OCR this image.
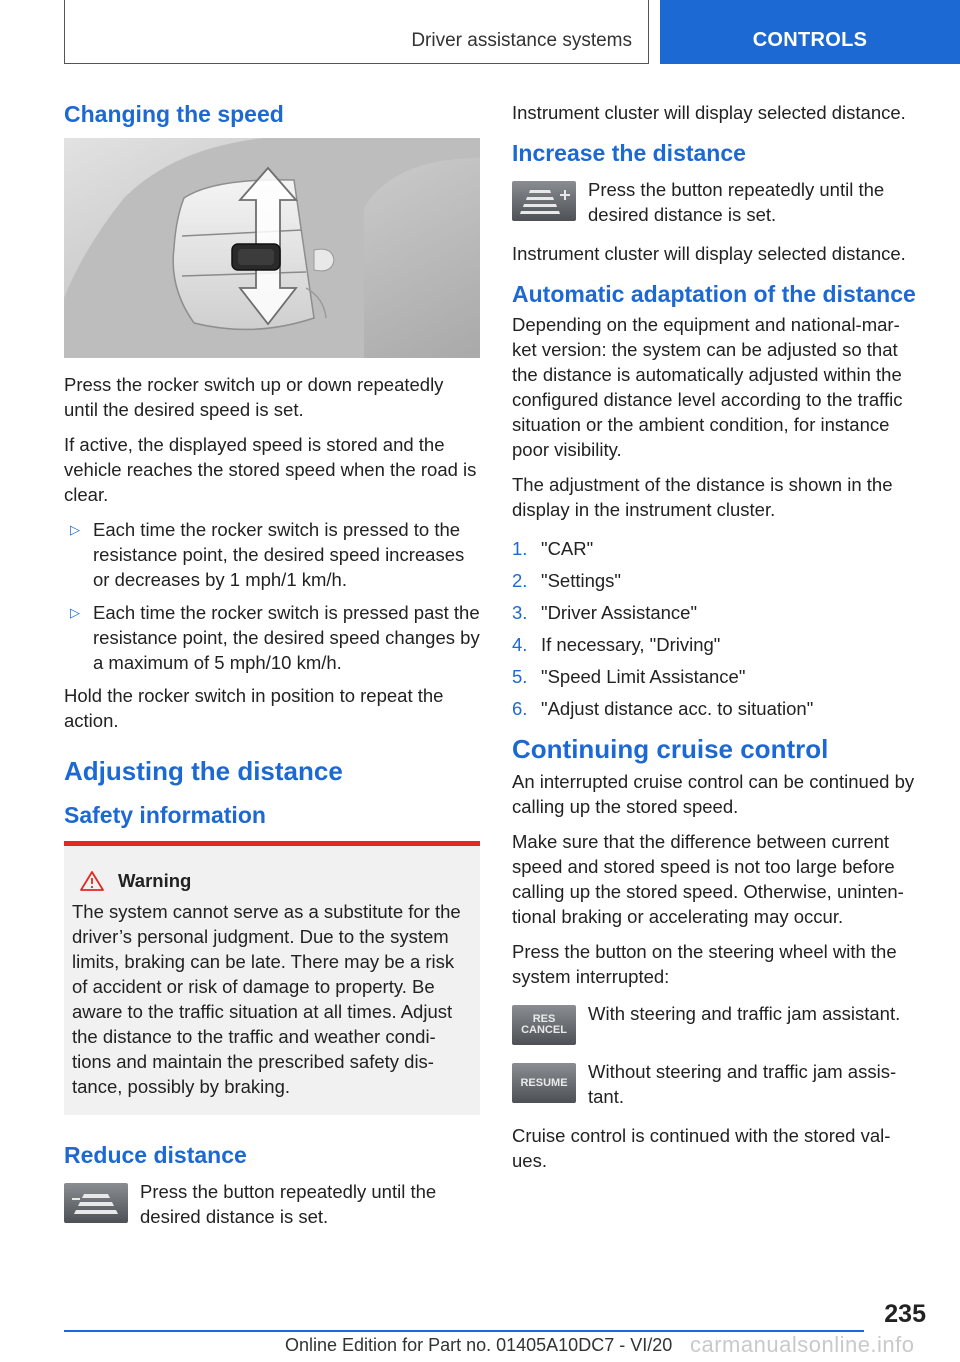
Driver assistance systems	CONTROLS
Changing the speed

Press the rocker switch up or down repeatedly until the desired speed is set.

If active, the displayed speed is stored and the vehicle reaches the stored speed when the road is clear.

▷ Each time the rocker switch is pressed to the resistance point, the desired speed increases or decreases by 1 mph/1 km/h.
▷ Each time the rocker switch is pressed past the resistance point, the desired speed changes by a maximum of 5 mph/10 km/h.

Hold the rocker switch in position to repeat the action.

Adjusting the distance
Safety information
Warning

The system cannot serve as a substitute for the driver’s personal judgment. Due to the system limits, braking can be late. There may be a risk of accident or risk of damage to property. Be aware to the traffic situation at all times. Adjust the distance to the traffic and weather condi-tions and maintain the prescribed safety dis-tance, possibly by braking.

Reduce distance
Press the button repeatedly until the desired distance is set.

Instrument cluster will display selected distance.

Increase the distance
Press the button repeatedly until the desired distance is set.

Instrument cluster will display selected distance.

Automatic adaptation of the distance

Depending on the equipment and national-mar-ket version: the system can be adjusted so that the distance is automatically adjusted within the configured distance level according to the traffic situation or the ambient condition, for instance poor visibility.

The adjustment of the distance is shown in the display in the instrument cluster.

1. "CAR"
2. "Settings"
3. "Driver Assistance"
4. If necessary, "Driving"
5. "Speed Limit Assistance"
6. "Adjust distance acc. to situation"
Continuing cruise control

An interrupted cruise control can be continued by calling up the stored speed.

Make sure that the difference between current speed and stored speed is not too large before calling up the stored speed. Otherwise, uninten-tional braking or accelerating may occur.

Press the button on the steering wheel with the system interrupted:

RES
CANCEL
With steering and traffic jam assistant.
RESUME
Without steering and traffic jam assis-tant.

Cruise control is continued with the stored val-ues.

235
Online Edition for Part no. 01405A10DC7 - VI/20 carmanualsonline.info
